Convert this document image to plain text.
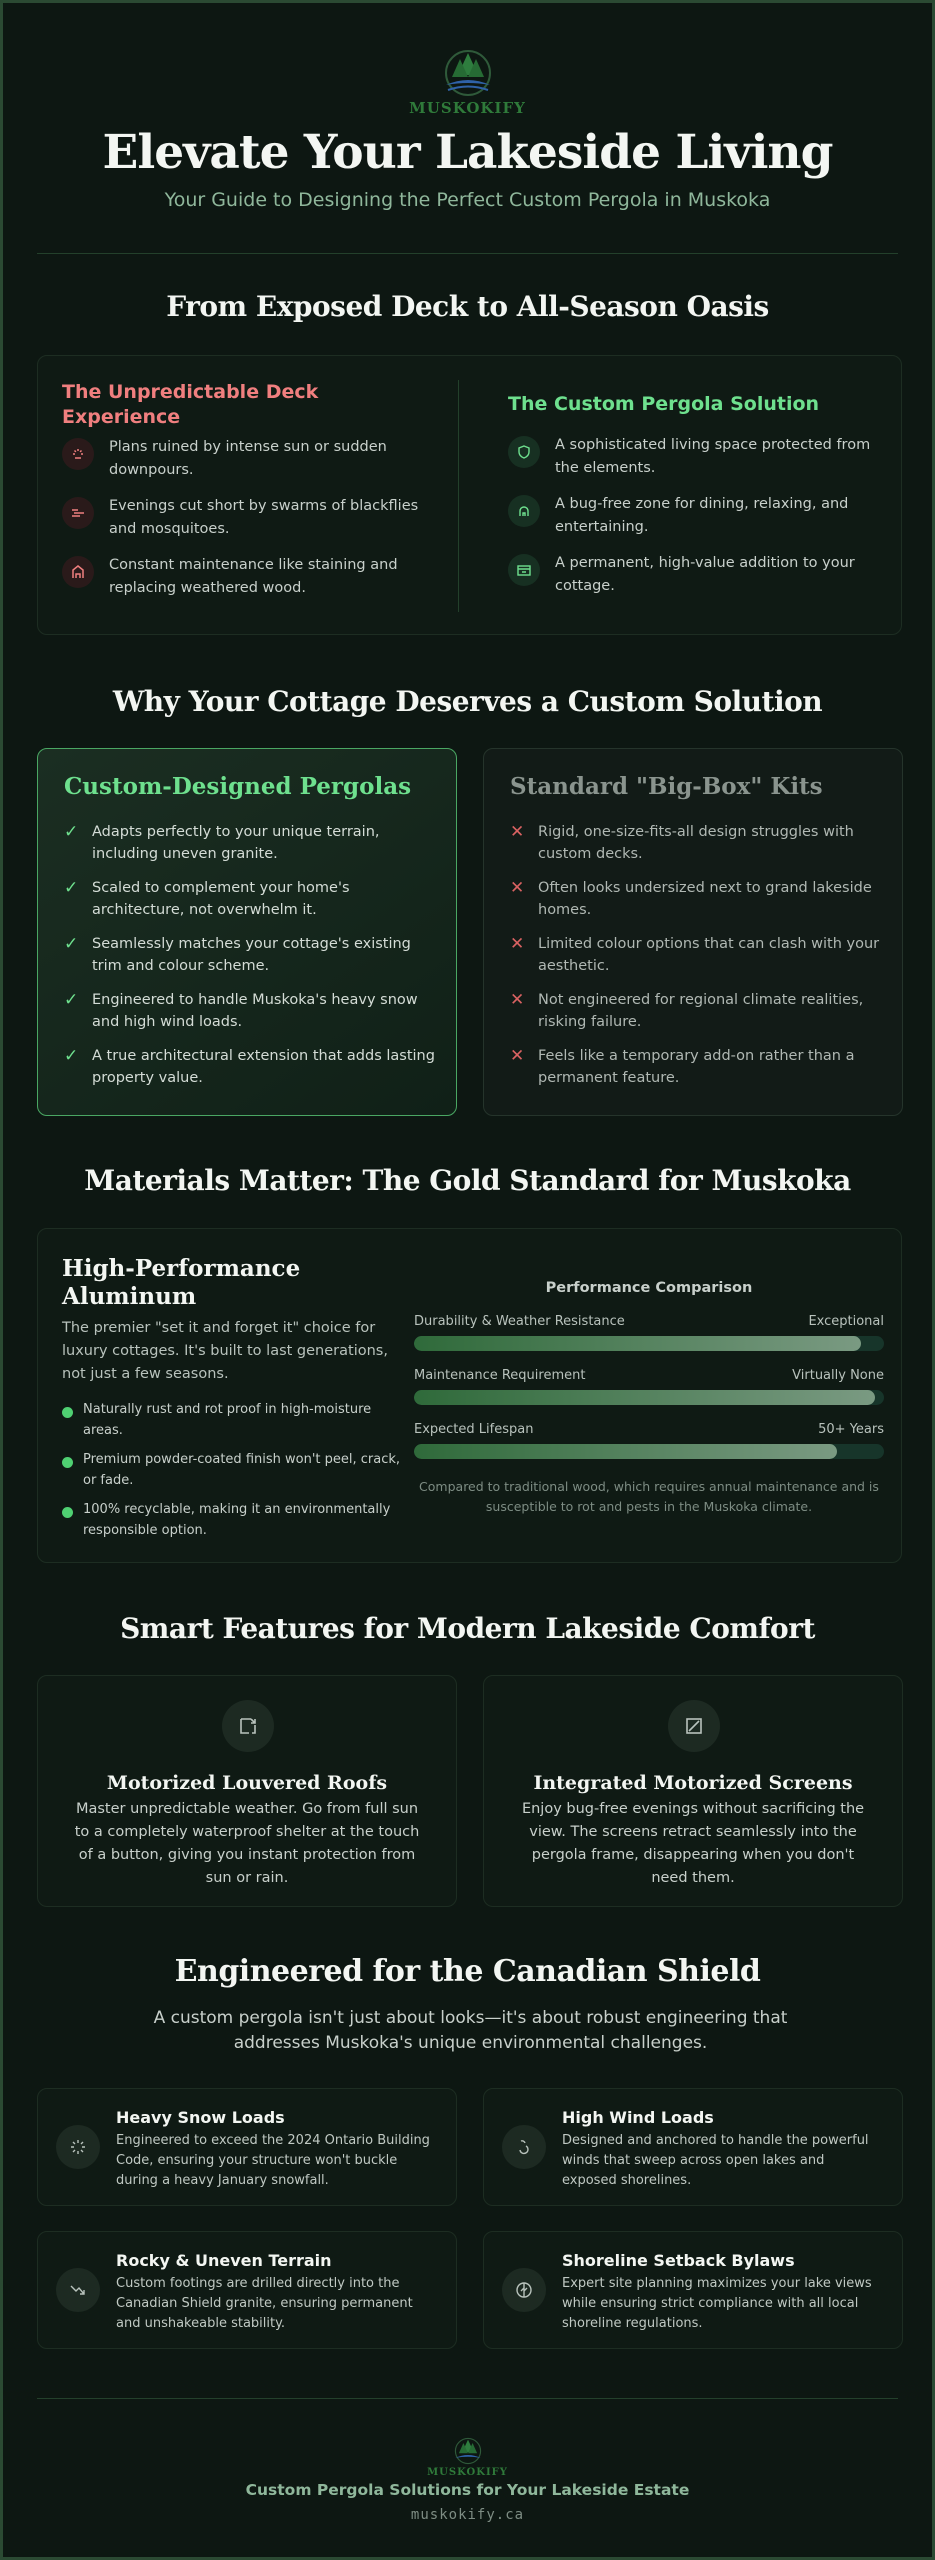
MUSKOKIFY
Elevate Your Lakeside Living
Your Guide to Designing the Perfect Custom Pergola in Muskoka
From Exposed Deck to All-Season Oasis
The Unpredictable Deck Experience
Plans ruined by intense sun or sudden downpours.
Evenings cut short by swarms of blackflies and mosquitoes.
Constant maintenance like staining and replacing weathered wood.
The Custom Pergola Solution
A sophisticated living space protected from the elements.
A bug-free zone for dining, relaxing, and entertaining.
A permanent, high-value addition to your cottage.
Why Your Cottage Deserves a Custom Solution
Custom-Designed Pergolas
✓ Adapts perfectly to your unique terrain, including uneven granite.
✓ Scaled to complement your home's architecture, not overwhelm it.
✓ Seamlessly matches your cottage's existing trim and colour scheme.
✓ Engineered to handle Muskoka's heavy snow and high wind loads.
✓ A true architectural extension that adds lasting property value.
Standard "Big-Box" Kits
✕ Rigid, one-size-fits-all design struggles with custom decks.
✕ Often looks undersized next to grand lakeside homes.
✕ Limited colour options that can clash with your aesthetic.
✕ Not engineered for regional climate realities, risking failure.
✕ Feels like a temporary add-on rather than a permanent feature.
Materials Matter: The Gold Standard for Muskoka
High-Performance Aluminum
The premier "set it and forget it" choice for luxury cottages. It's built to last generations, not just a few seasons.
Naturally rust and rot proof in high-moisture areas.
Premium powder-coated finish won't peel, crack, or fade.
100% recyclable, making it an environmentally responsible option.
Performance Comparison
Durability & Weather Resistance	Exceptional
Maintenance Requirement	Virtually None
Expected Lifespan	50+ Years
Compared to traditional wood, which requires annual maintenance and is susceptible to rot and pests in the Muskoka climate.
Smart Features for Modern Lakeside Comfort
Motorized Louvered Roofs
Master unpredictable weather. Go from full sun to a completely waterproof shelter at the touch of a button, giving you instant protection from sun or rain.
Integrated Motorized Screens
Enjoy bug-free evenings without sacrificing the view. The screens retract seamlessly into the pergola frame, disappearing when you don't need them.
Engineered for the Canadian Shield
A custom pergola isn't just about looks—it's about robust engineering that addresses Muskoka's unique environmental challenges.
Heavy Snow Loads
Engineered to exceed the 2024 Ontario Building Code, ensuring your structure won't buckle during a heavy January snowfall.
High Wind Loads
Designed and anchored to handle the powerful winds that sweep across open lakes and exposed shorelines.
Rocky & Uneven Terrain
Custom footings are drilled directly into the Canadian Shield granite, ensuring permanent and unshakeable stability.
Shoreline Setback Bylaws
Expert site planning maximizes your lake views while ensuring strict compliance with all local shoreline regulations.
MUSKOKIFY
Custom Pergola Solutions for Your Lakeside Estate
muskokify.ca
